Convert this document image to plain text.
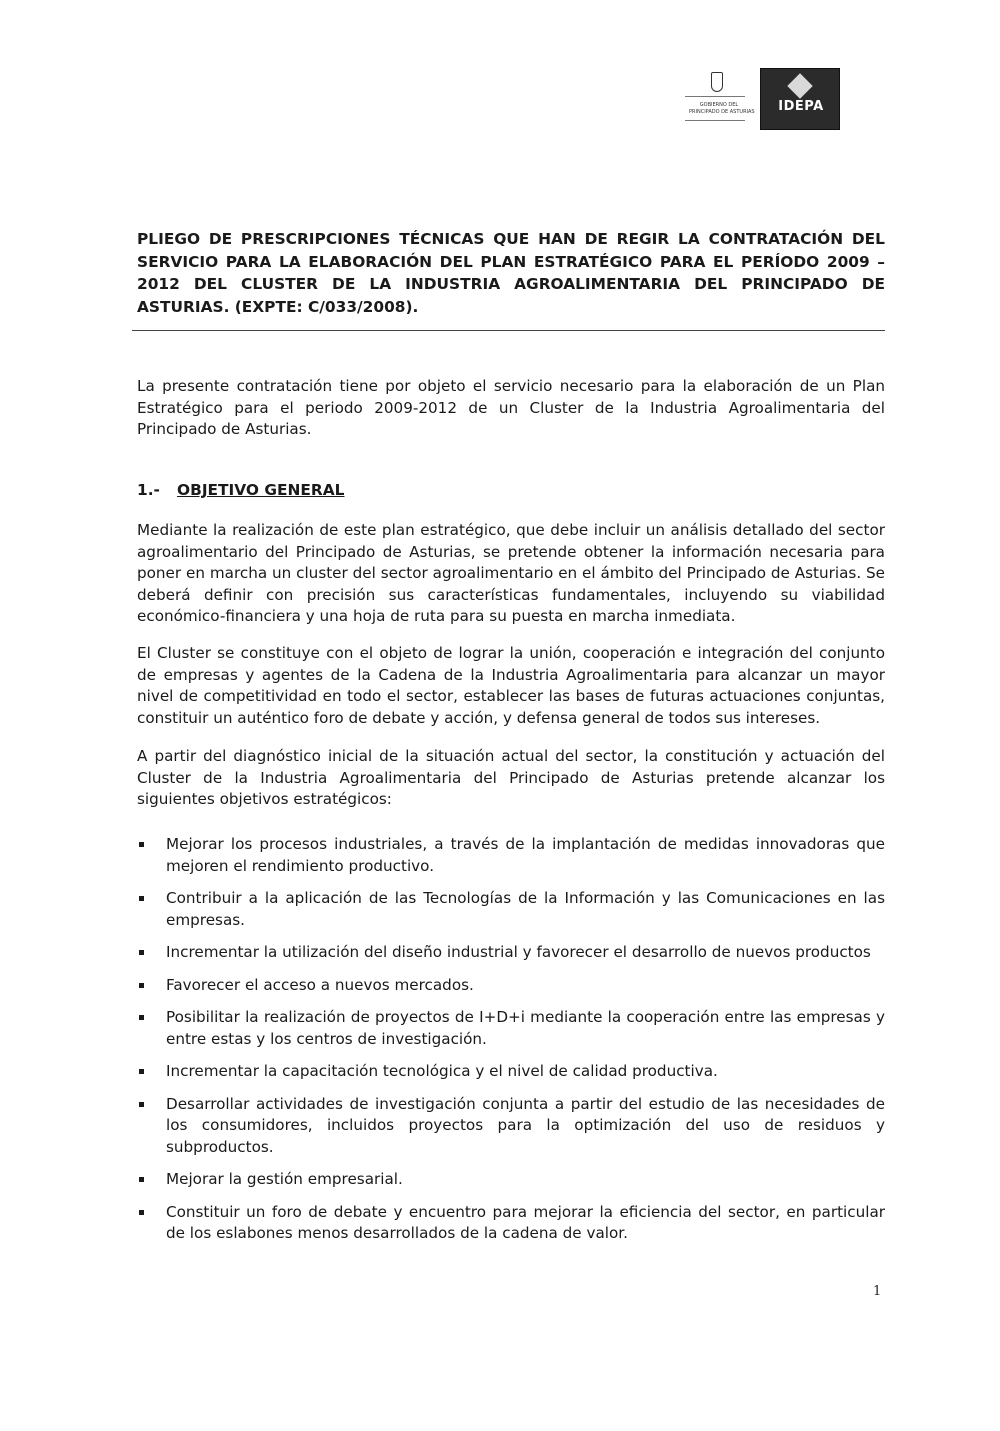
GOBIERNO DEL
PRINCIPADO DE ASTURIAS	IDEPA
PLIEGO DE PRESCRIPCIONES TÉCNICAS QUE HAN DE REGIR LA CONTRATACIÓN DEL SERVICIO PARA LA ELABORACIÓN DEL PLAN ESTRATÉGICO PARA EL PERÍODO 2009 – 2012 DEL CLUSTER DE LA INDUSTRIA AGROALIMENTARIA DEL PRINCIPADO DE ASTURIAS. (EXPTE: C/033/2008).

La presente contratación tiene por objeto el servicio necesario para la elaboración de un Plan Estratégico para el periodo 2009-2012 de un Cluster de la Industria Agroalimentaria del Principado de Asturias.

1.- OBJETIVO GENERAL

Mediante la realización de este plan estratégico, que debe incluir un análisis detallado del sector agroalimentario del Principado de Asturias, se pretende obtener la información necesaria para poner en marcha un cluster del sector agroalimentario en el ámbito del Principado de Asturias. Se deberá definir con precisión sus características fundamentales, incluyendo su viabilidad económico-financiera y una hoja de ruta para su puesta en marcha inmediata.

El Cluster se constituye con el objeto de lograr la unión, cooperación e integración del conjunto de empresas y agentes de la Cadena de la Industria Agroalimentaria para alcanzar un mayor nivel de competitividad en todo el sector, establecer las bases de futuras actuaciones conjuntas, constituir un auténtico foro de debate y acción, y defensa general de todos sus intereses.

A partir del diagnóstico inicial de la situación actual del sector, la constitución y actuación del Cluster de la Industria Agroalimentaria del Principado de Asturias pretende alcanzar los siguientes objetivos estratégicos:

Mejorar los procesos industriales, a través de la implantación de medidas innovadoras que mejoren el rendimiento productivo.
Contribuir a la aplicación de las Tecnologías de la Información y las Comunicaciones en las empresas.
Incrementar la utilización del diseño industrial y favorecer el desarrollo de nuevos productos
Favorecer el acceso a nuevos mercados.
Posibilitar la realización de proyectos de I+D+i mediante la cooperación entre las empresas y entre estas y los centros de investigación.
Incrementar la capacitación tecnológica y el nivel de calidad productiva.
Desarrollar actividades de investigación conjunta a partir del estudio de las necesidades de los consumidores, incluidos proyectos para la optimización del uso de residuos y subproductos.
Mejorar la gestión empresarial.
Constituir un foro de debate y encuentro para mejorar la eficiencia del sector, en particular de los eslabones menos desarrollados de la cadena de valor.
1
